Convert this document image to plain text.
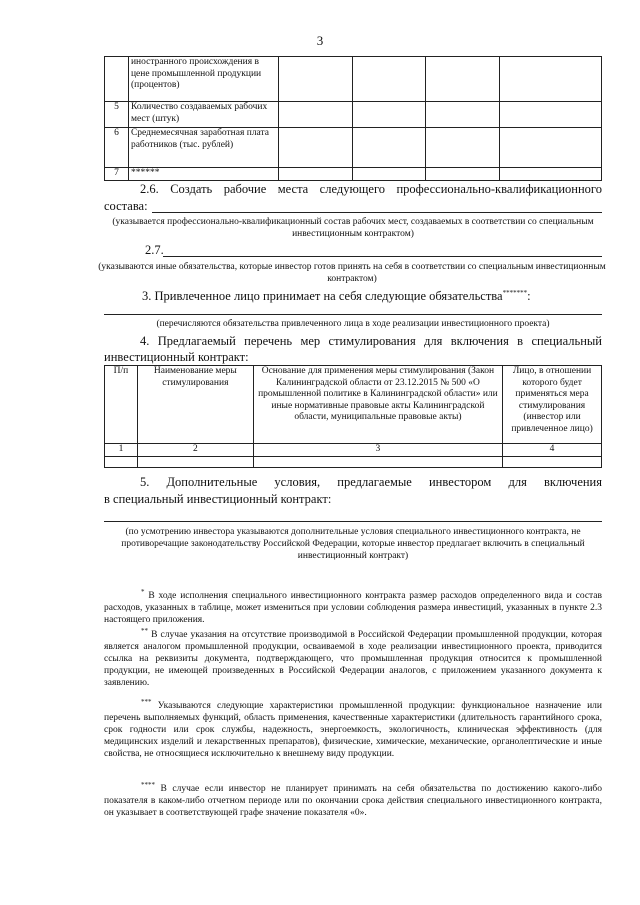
3
	иностранного происхождения в цене промышленной продукции (процентов)				
5	Количество создаваемых рабочих мест (штук)				
6	Среднемесячная заработная плата работников (тыс. рублей)				
7	******				
2.6. Создать рабочие места следующего профессионально-квалификационного
состава:
(указывается профессионально-квалификационный состав рабочих мест, создаваемых в соответствии со специальным инвестиционным контрактом)
2.7.
(указываются иные обязательства, которые инвестор готов принять на себя в соответствии со специальным инвестиционным контрактом)
3. Привлеченное лицо принимает на себя следующие обязательства*******:
(перечисляются обязательства привлеченного лица в ходе реализации инвестиционного проекта)
4. Предлагаемый перечень мер стимулирования для включения в специальный
инвестиционный контракт:
П/п	Наименование меры стимулирования	Основание для применения меры стимулирования (Закон Калининградской области от 23.12.2015 № 500 «О промышленной политике в Калининградской области» или иные нормативные правовые акты Калининградской области, муниципальные правовые акты)	Лицо, в отношении которого будет применяться мера стимулирования (инвестор или привлеченное лицо)
1	2	3	4

5. Дополнительные условия, предлагаемые инвестором для включения
в специальный инвестиционный контракт:
(по усмотрению инвестора указываются дополнительные условия специального инвестиционного контракта, не противоречащие законодательству Российской Федерации, которые инвестор предлагает включить в специальный инвестиционный контракт)
* В ходе исполнения специального инвестиционного контракта размер расходов определенного вида и состав расходов, указанных в таблице, может измениться при условии соблюдения размера инвестиций, указанных в пункте 2.3 настоящего приложения.
** В случае указания на отсутствие производимой в Российской Федерации промышленной продукции, которая является аналогом промышленной продукции, осваиваемой в ходе реализации инвестиционного проекта, приводится ссылка на реквизиты документа, подтверждающего, что промышленная продукция относится к промышленной продукции, не имеющей произведенных в Российской Федерации аналогов, с приложением указанного документа к заявлению.
*** Указываются следующие характеристики промышленной продукции: функциональное назначение или перечень выполняемых функций, область применения, качественные характеристики (длительность гарантийного срока, срок годности или срок службы, надежность, энергоемкость, экологичность, клиническая эффективность (для медицинских изделий и лекарственных препаратов), физические, химические, механические, органолептические и иные свойства, не относящиеся исключительно к внешнему виду продукции.
**** В случае если инвестор не планирует принимать на себя обязательства по достижению какого-либо показателя в каком-либо отчетном периоде или по окончании срока действия специального инвестиционного контракта, он указывает в соответствующей графе значение показателя «0».
